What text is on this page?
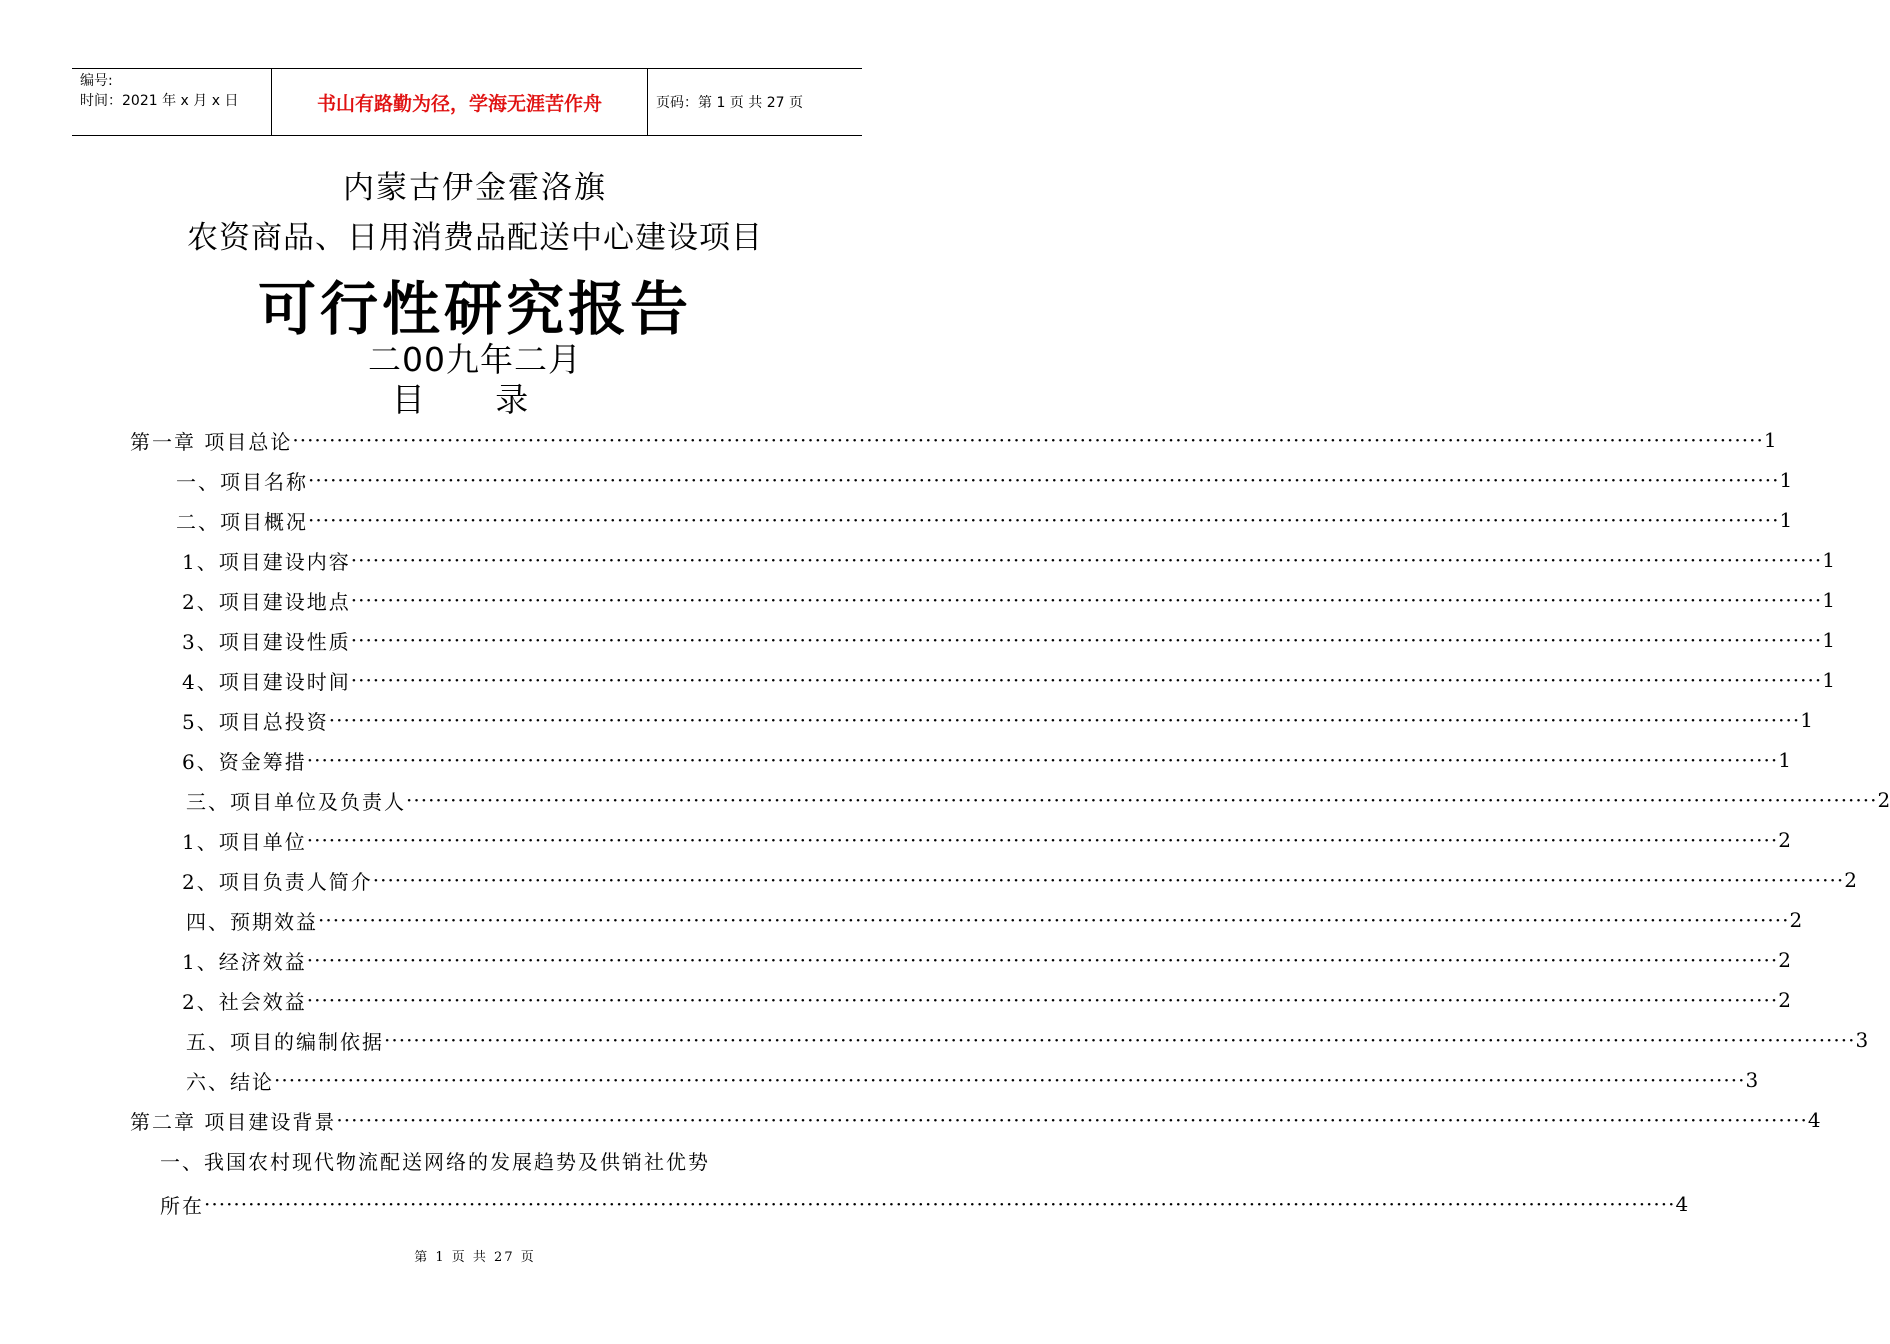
编号:
时间：2021 年 x 月 x 日	书山有路勤为径，学海无涯苦作舟	页码：第 1 页 共 27 页
内蒙古伊金霍洛旗
农资商品、日用消费品配送中心建设项目
可行性研究报告
二00九年二月
目 录
第一章 项目总论 ········································································································································································································ 1
一、项目名称 ········································································································································································································ 1
二、项目概况 ········································································································································································································ 1
1、项目建设内容 ········································································································································································································ 1
2、项目建设地点 ········································································································································································································ 1
3、项目建设性质 ········································································································································································································ 1
4、项目建设时间 ········································································································································································································ 1
5、项目总投资 ········································································································································································································ 1
6、资金筹措 ········································································································································································································ 1
三、项目单位及负责人 ········································································································································································································ 2
1、项目单位 ········································································································································································································ 2
2、项目负责人简介 ········································································································································································································ 2
四、预期效益 ········································································································································································································ 2
1、经济效益 ········································································································································································································ 2
2、社会效益 ········································································································································································································ 2
五、项目的编制依据 ········································································································································································································ 3
六、结论 ········································································································································································································ 3
第二章 项目建设背景 ········································································································································································································ 4
一、我国农村现代物流配送网络的发展趋势及供销社优势
所在 ········································································································································································································ 4
第 1 页 共 27 页
